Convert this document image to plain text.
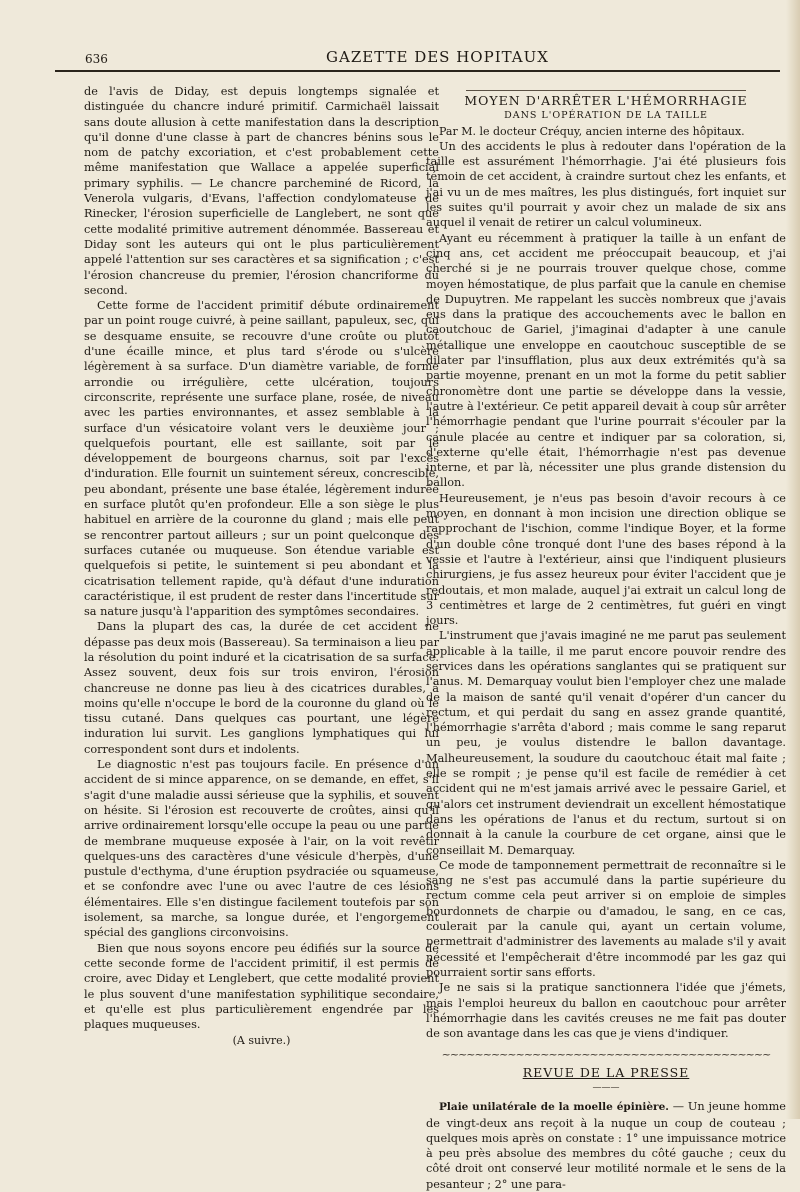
636	GAZETTE DES HOPITAUX

de l'avis de Diday, est depuis longtemps signalée et distinguée du chancre induré primitif. Carmichaël laissait sans doute allusion à cette manifestation dans la description qu'il donne d'une classe à part de chancres bénins sous le nom de patchy excoriation, et c'est probablement cette même manifestation que Wallace a appelée superficial primary syphilis. — Le chancre parcheminé de Ricord, la Venerola vulgaris, d'Evans, l'affection condylomateuse de Rinecker, l'érosion superficielle de Langlebert, ne sont que cette modalité primitive autrement dénommée. Bassereau et Diday sont les auteurs qui ont le plus particulièrement appelé l'attention sur ses caractères et sa signification ; c'est l'érosion chancreuse du premier, l'érosion chancriforme du second.

Cette forme de l'accident primitif débute ordinairement par un point rouge cuivré, à peine saillant, papuleux, sec, qui se desquame ensuite, se recouvre d'une croûte ou plutôt d'une écaille mince, et plus tard s'érode ou s'ulcère légèrement à sa surface. D'un diamètre variable, de forme arrondie ou irrégulière, cette ulcération, toujours circonscrite, représente une surface plane, rosée, de niveau avec les parties environnantes, et assez semblable à la surface d'un vésicatoire volant vers le deuxième jour ; quelquefois pourtant, elle est saillante, soit par le développement de bourgeons charnus, soit par l'excès d'induration. Elle fournit un suintement séreux, concrescible, peu abondant, présente une base étalée, légèrement indurée en surface plutôt qu'en profondeur. Elle a son siège le plus habituel en arrière de la couronne du gland ; mais elle peut se rencontrer partout ailleurs ; sur un point quelconque des surfaces cutanée ou muqueuse. Son étendue variable est quelquefois si petite, le suintement si peu abondant et la cicatrisation tellement rapide, qu'à défaut d'une induration caractéristique, il est prudent de rester dans l'incertitude sur sa nature jusqu'à l'apparition des symptômes secondaires.

Dans la plupart des cas, la durée de cet accident ne dépasse pas deux mois (Bassereau). Sa terminaison a lieu par la résolution du point induré et la cicatrisation de sa surface. Assez souvent, deux fois sur trois environ, l'érosion chancreuse ne donne pas lieu à des cicatrices durables, à moins qu'elle n'occupe le bord de la couronne du gland où le tissu cutané. Dans quelques cas pourtant, une légère induration lui survit. Les ganglions lymphatiques qui lui correspondent sont durs et indolents.

Le diagnostic n'est pas toujours facile. En présence d'un accident de si mince apparence, on se demande, en effet, s'il s'agit d'une maladie aussi sérieuse que la syphilis, et souvent on hésite. Si l'érosion est recouverte de croûtes, ainsi qu'il arrive ordinairement lorsqu'elle occupe la peau ou une partie de membrane muqueuse exposée à l'air, on la voit revêtir quelques-uns des caractères d'une vésicule d'herpès, d'une pustule d'ecthyma, d'une éruption psydraciée ou squameuse, et se confondre avec l'une ou avec l'autre de ces lésions élémentaires. Elle s'en distingue facilement toutefois par son isolement, sa marche, sa longue durée, et l'engorgement spécial des ganglions circonvoisins.

Bien que nous soyons encore peu édifiés sur la source de cette seconde forme de l'accident primitif, il est permis de croire, avec Diday et Lenglebert, que cette modalité provient le plus souvent d'une manifestation syphilitique secondaire, et qu'elle est plus particulièrement engendrée par les plaques muqueuses.

(A suivre.)
MOYEN D'ARRÊTER L'HÉMORRHAGIE
DANS L'OPÉRATION DE LA TAILLE

Par M. le docteur Créquy, ancien interne des hôpitaux.

Un des accidents le plus à redouter dans l'opération de la taille est assurément l'hémorrhagie. J'ai été plusieurs fois témoin de cet accident, à craindre surtout chez les enfants, et j'ai vu un de mes maîtres, les plus distingués, fort inquiet sur les suites qu'il pourrait y avoir chez un malade de six ans auquel il venait de retirer un calcul volumineux.

Ayant eu récemment à pratiquer la taille à un enfant de cinq ans, cet accident me préoccupait beaucoup, et j'ai cherché si je ne pourrais trouver quelque chose, comme moyen hémostatique, de plus parfait que la canule en chemise de Dupuytren. Me rappelant les succès nombreux que j'avais eus dans la pratique des accouchements avec le ballon en caoutchouc de Gariel, j'imaginai d'adapter à une canule métallique une enveloppe en caoutchouc susceptible de se dilater par l'insufflation, plus aux deux extrémités qu'à sa partie moyenne, prenant en un mot la forme du petit sablier chronomètre dont une partie se développe dans la vessie, l'autre à l'extérieur. Ce petit appareil devait à coup sûr arrêter l'hémorrhagie pendant que l'urine pourrait s'écouler par la canule placée au centre et indiquer par sa coloration, si, d'externe qu'elle était, l'hémorrhagie n'est pas devenue interne, et par là, nécessiter une plus grande distension du ballon.

Heureusement, je n'eus pas besoin d'avoir recours à ce moyen, en donnant à mon incision une direction oblique se rapprochant de l'ischion, comme l'indique Boyer, et la forme d'un double cône tronqué dont l'une des bases répond à la vessie et l'autre à l'extérieur, ainsi que l'indiquent plusieurs chirurgiens, je fus assez heureux pour éviter l'accident que je redoutais, et mon malade, auquel j'ai extrait un calcul long de 3 centimètres et large de 2 centimètres, fut guéri en vingt jours.

L'instrument que j'avais imaginé ne me parut pas seulement applicable à la taille, il me parut encore pouvoir rendre des services dans les opérations sanglantes qui se pratiquent sur l'anus. M. Demarquay voulut bien l'employer chez une malade de la maison de santé qu'il venait d'opérer d'un cancer du rectum, et qui perdait du sang en assez grande quantité, l'hémorrhagie s'arrêta d'abord ; mais comme le sang reparut un peu, je voulus distendre le ballon davantage. Malheureusement, la soudure du caoutchouc était mal faite ; elle se rompit ; je pense qu'il est facile de remédier à cet accident qui ne m'est jamais arrivé avec le pessaire Gariel, et qu'alors cet instrument deviendrait un excellent hémostatique dans les opérations de l'anus et du rectum, surtout si on donnait à la canule la courbure de cet organe, ainsi que le conseillait M. Demarquay.

Ce mode de tamponnement permettrait de reconnaître si le sang ne s'est pas accumulé dans la partie supérieure du rectum comme cela peut arriver si on emploie de simples bourdonnets de charpie ou d'amadou, le sang, en ce cas, coulerait par la canule qui, ayant un certain volume, permettrait d'administrer des lavements au malade s'il y avait nécessité et l'empêcherait d'être incommodé par les gaz qui pourraient sortir sans efforts.

Je ne sais si la pratique sanctionnera l'idée que j'émets, mais l'emploi heureux du ballon en caoutchouc pour arrêter l'hémorrhagie dans les cavités creuses ne me fait pas douter de son avantage dans les cas que je viens d'indiquer.

~~~~~~~~~~~~~~~~~~~~~~~~~~~~~~~~~~~~~~~~
REVUE DE LA PRESSE
———

Plaie unilatérale de la moelle épinière. — Un jeune homme de vingt-deux ans reçoit à la nuque un coup de couteau ; quelques mois après on constate : 1° une impuissance motrice à peu près absolue des membres du côté gauche ; ceux du côté droit ont conservé leur motilité normale et le sens de la pesanteur ; 2° une para-
